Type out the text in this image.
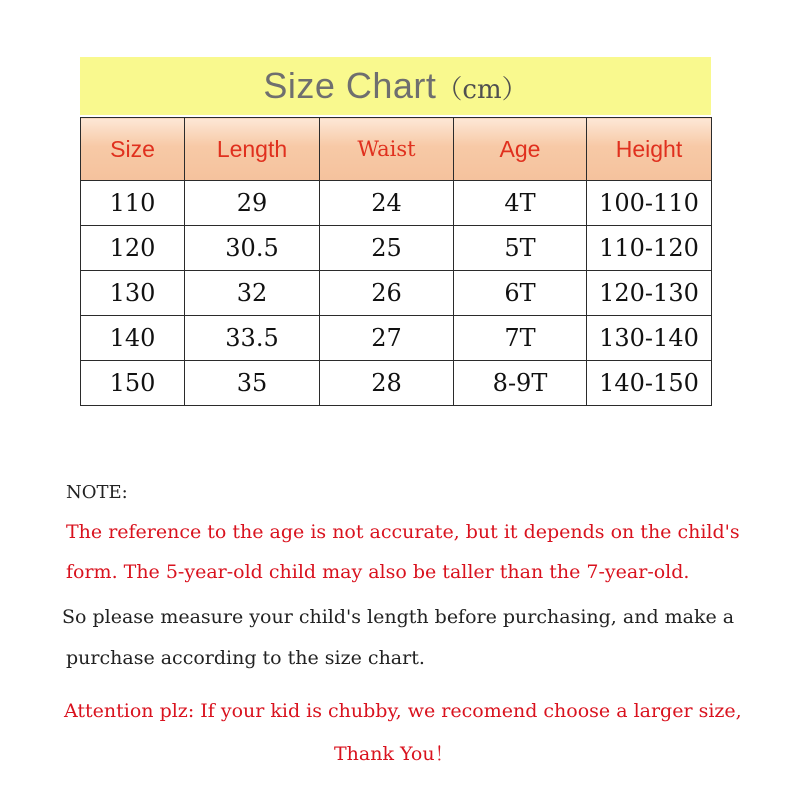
Size Chart（cm）
Size	Length	Waist	Age	Height
110	29	24	4T	100-110
120	30.5	25	5T	110-120
130	32	26	6T	120-130
140	33.5	27	7T	130-140
150	35	28	8-9T	140-150
NOTE:
The reference to the age is not accurate, but it depends on the child's
form. The 5-year-old child may also be taller than the 7-year-old.
So please measure your child's length before purchasing, and make a
purchase according to the size chart.
Attention plz: If your kid is chubby, we recomend choose a larger size,
Thank You！
